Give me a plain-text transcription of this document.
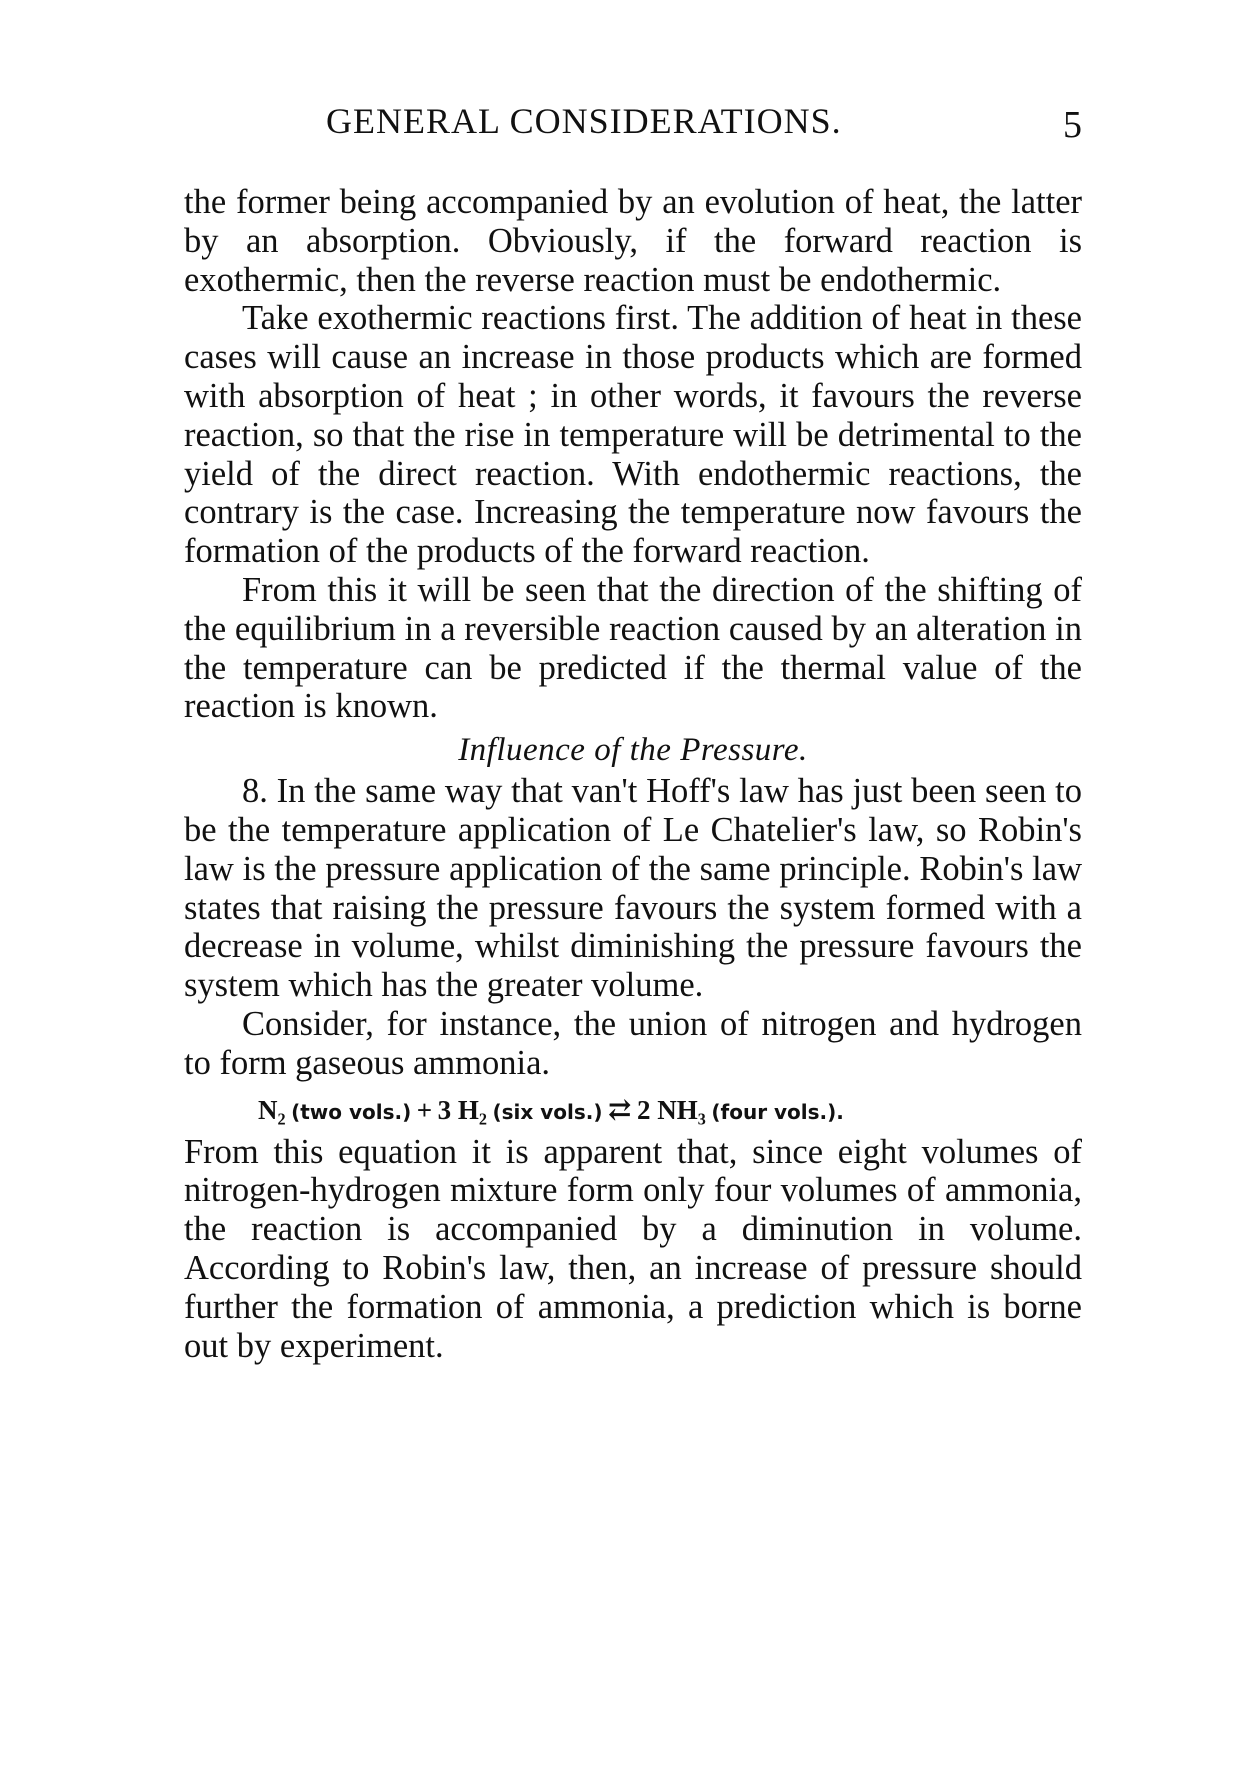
GENERAL CONSIDERATIONS.	5

the former being accompanied by an evolution of heat, the latter by an absorption. Obviously, if the forward reaction is exothermic, then the reverse reaction must be endothermic.

Take exothermic reactions first. The addition of heat in these cases will cause an increase in those products which are formed with absorption of heat ; in other words, it favours the reverse reaction, so that the rise in temperature will be detrimental to the yield of the direct reaction. With endothermic reactions, the contrary is the case. Increasing the temperature now favours the formation of the products of the forward reaction.

From this it will be seen that the direction of the shifting of the equilibrium in a reversible reaction caused by an alteration in the temperature can be predicted if the thermal value of the reaction is known.

Influence of the Pressure.

8. In the same way that van't Hoff's law has just been seen to be the temperature application of Le Chatelier's law, so Robin's law is the pressure application of the same principle. Robin's law states that raising the pressure favours the system formed with a decrease in volume, whilst diminishing the pressure favours the system which has the greater volume.

Consider, for instance, the union of nitrogen and hydrogen to form gaseous ammonia.

N₂ (two vols.) + 3 H₂ (six vols.) ⇄ 2 NH₃ (four vols.).

From this equation it is apparent that, since eight volumes of nitrogen-hydrogen mixture form only four volumes of ammonia, the reaction is accompanied by a diminution in volume. According to Robin's law, then, an increase of pressure should further the formation of ammonia, a prediction which is borne out by experiment.
